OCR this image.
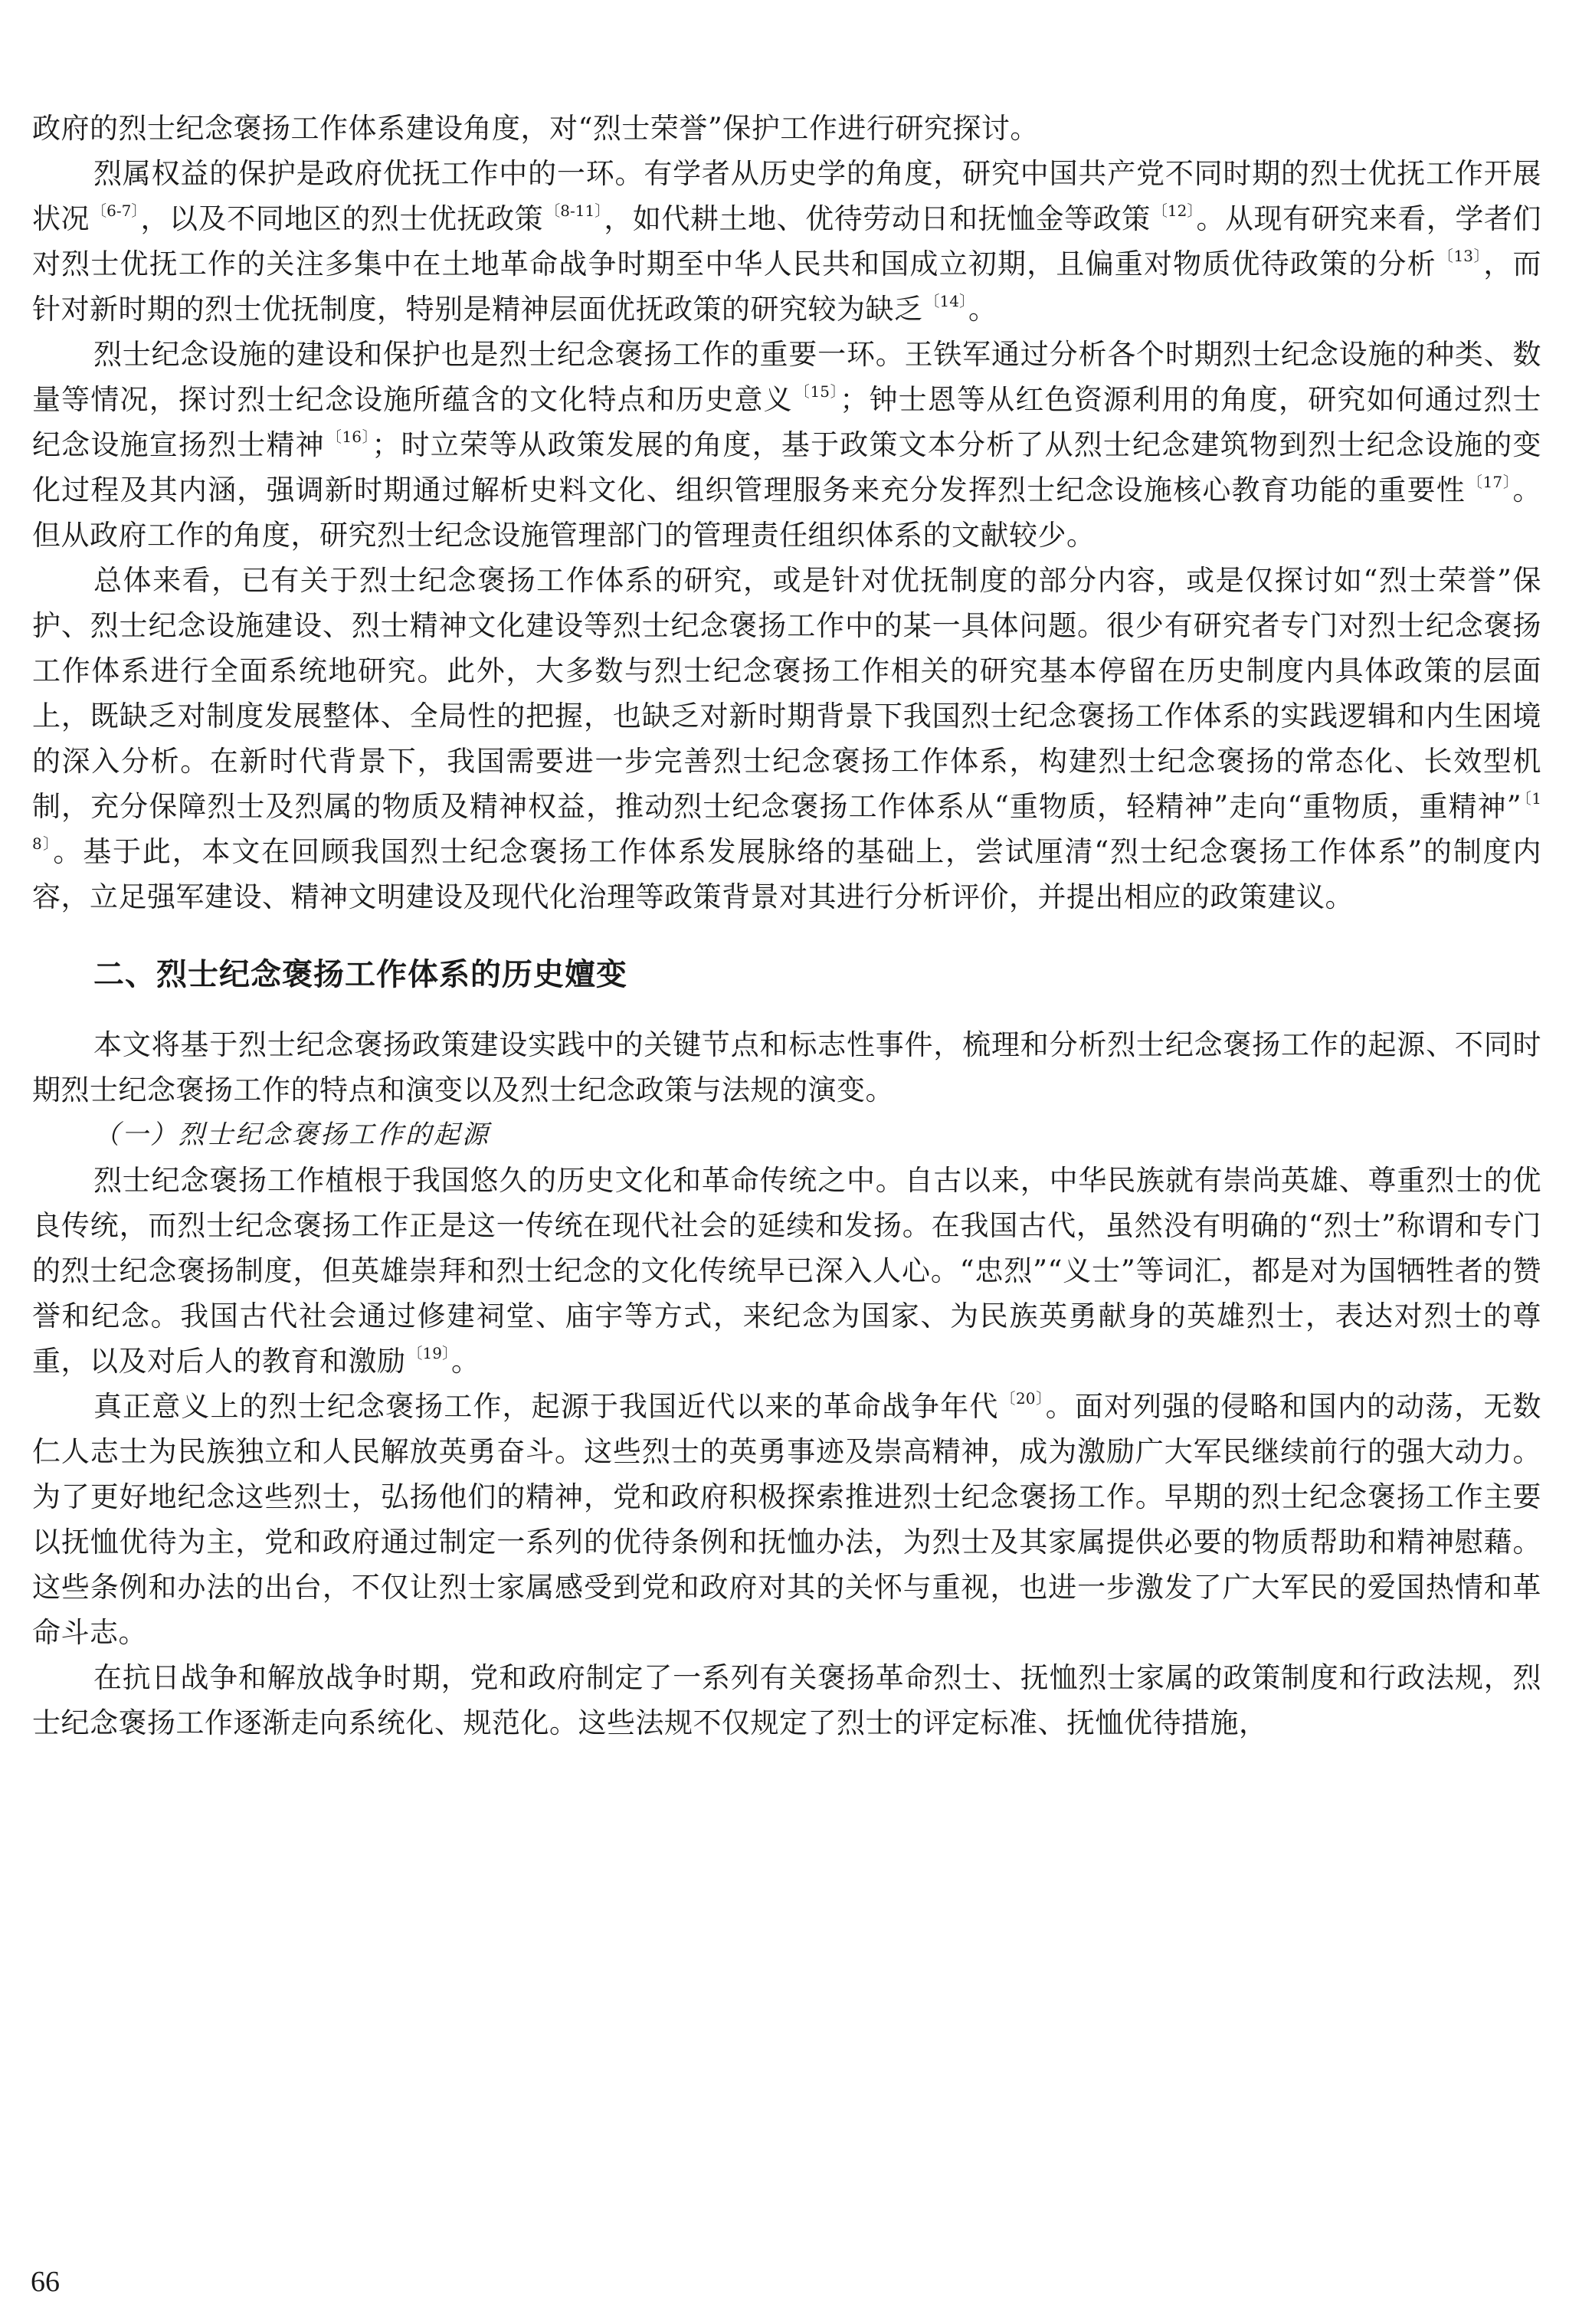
政府的烈士纪念褒扬工作体系建设角度，对“烈士荣誉”保护工作进行研究探讨。

烈属权益的保护是政府优抚工作中的一环。有学者从历史学的角度，研究中国共产党不同时期的烈士优抚工作开展状况 $^{〔6-7〕}$，以及不同地区的烈士优抚政策 $^{〔8-11〕}$，如代耕土地、优待劳动日和抚恤金等政策 $^{〔12〕}$。从现有研究来看，学者们对烈士优抚工作的关注多集中在土地革命战争时期至中华人民共和国成立初期，且偏重对物质优待政策的分析 $^{〔13〕}$，而针对新时期的烈士优抚制度，特别是精神层面优抚政策的研究较为缺乏 $^{〔14〕}$。

烈士纪念设施的建设和保护也是烈士纪念褒扬工作的重要一环。王铁军通过分析各个时期烈士纪念设施的种类、数量等情况，探讨烈士纪念设施所蕴含的文化特点和历史意义 $^{〔15〕}$；钟士恩等从红色资源利用的角度，研究如何通过烈士纪念设施宣扬烈士精神 $^{〔16〕}$；时立荣等从政策发展的角度，基于政策文本分析了从烈士纪念建筑物到烈士纪念设施的变化过程及其内涵，强调新时期通过解析史料文化、组织管理服务来充分发挥烈士纪念设施核心教育功能的重要性 $^{〔17〕}$。但从政府工作的角度，研究烈士纪念设施管理部门的管理责任组织体系的文献较少。

总体来看，已有关于烈士纪念褒扬工作体系的研究，或是针对优抚制度的部分内容，或是仅探讨如“烈士荣誉”保护、烈士纪念设施建设、烈士精神文化建设等烈士纪念褒扬工作中的某一具体问题。很少有研究者专门对烈士纪念褒扬工作体系进行全面系统地研究。此外，大多数与烈士纪念褒扬工作相关的研究基本停留在历史制度内具体政策的层面上，既缺乏对制度发展整体、全局性的把握，也缺乏对新时期背景下我国烈士纪念褒扬工作体系的实践逻辑和内生困境的深入分析。在新时代背景下，我国需要进一步完善烈士纪念褒扬工作体系，构建烈士纪念褒扬的常态化、长效型机制，充分保障烈士及烈属的物质及精神权益，推动烈士纪念褒扬工作体系从“重物质，轻精神”走向“重物质，重精神” $^{〔18〕}$。基于此，本文在回顾我国烈士纪念褒扬工作体系发展脉络的基础上，尝试厘清“烈士纪念褒扬工作体系”的制度内容，立足强军建设、精神文明建设及现代化治理等政策背景对其进行分析评价，并提出相应的政策建议。

二、烈士纪念褒扬工作体系的历史嬗变

本文将基于烈士纪念褒扬政策建设实践中的关键节点和标志性事件，梳理和分析烈士纪念褒扬工作的起源、不同时期烈士纪念褒扬工作的特点和演变以及烈士纪念政策与法规的演变。

（一）烈士纪念褒扬工作的起源

烈士纪念褒扬工作植根于我国悠久的历史文化和革命传统之中。自古以来，中华民族就有崇尚英雄、尊重烈士的优良传统，而烈士纪念褒扬工作正是这一传统在现代社会的延续和发扬。在我国古代，虽然没有明确的“烈士”称谓和专门的烈士纪念褒扬制度，但英雄崇拜和烈士纪念的文化传统早已深入人心。“忠烈”“义士”等词汇，都是对为国牺牲者的赞誉和纪念。我国古代社会通过修建祠堂、庙宇等方式，来纪念为国家、为民族英勇献身的英雄烈士，表达对烈士的尊重，以及对后人的教育和激励 $^{〔19〕}$。

真正意义上的烈士纪念褒扬工作，起源于我国近代以来的革命战争年代 $^{〔20〕}$。面对列强的侵略和国内的动荡，无数仁人志士为民族独立和人民解放英勇奋斗。这些烈士的英勇事迹及崇高精神，成为激励广大军民继续前行的强大动力。为了更好地纪念这些烈士，弘扬他们的精神，党和政府积极探索推进烈士纪念褒扬工作。早期的烈士纪念褒扬工作主要以抚恤优待为主，党和政府通过制定一系列的优待条例和抚恤办法，为烈士及其家属提供必要的物质帮助和精神慰藉。这些条例和办法的出台，不仅让烈士家属感受到党和政府对其的关怀与重视，也进一步激发了广大军民的爱国热情和革命斗志。

在抗日战争和解放战争时期，党和政府制定了一系列有关褒扬革命烈士、抚恤烈士家属的政策制度和行政法规，烈士纪念褒扬工作逐渐走向系统化、规范化。这些法规不仅规定了烈士的评定标准、抚恤优待措施，

66
